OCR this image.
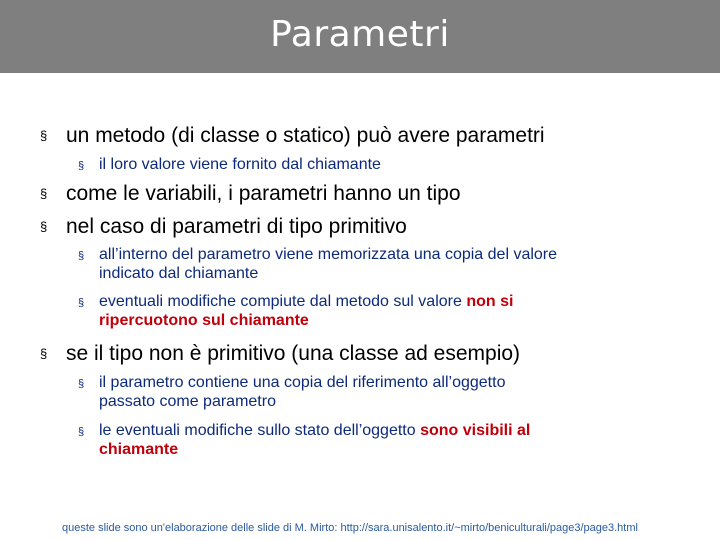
Parametri
§ un metodo (di classe o statico) può avere parametri
§ il loro valore viene fornito dal chiamante
§ come le variabili, i parametri hanno un tipo
§ nel caso di parametri di tipo primitivo
§ all’interno del parametro viene memorizzata una copia del valore
indicato dal chiamante
§ eventuali modifiche compiute dal metodo sul valore non si
ripercuotono sul chiamante
§ se il tipo non è primitivo (una classe ad esempio)
§ il parametro contiene una copia del riferimento all’oggetto
passato come parametro
§ le eventuali modifiche sullo stato dell’oggetto sono visibili al
chiamante
queste slide sono un'elaborazione delle slide di M. Mirto: http://sara.unisalento.it/~mirto/beniculturali/page3/page3.html
